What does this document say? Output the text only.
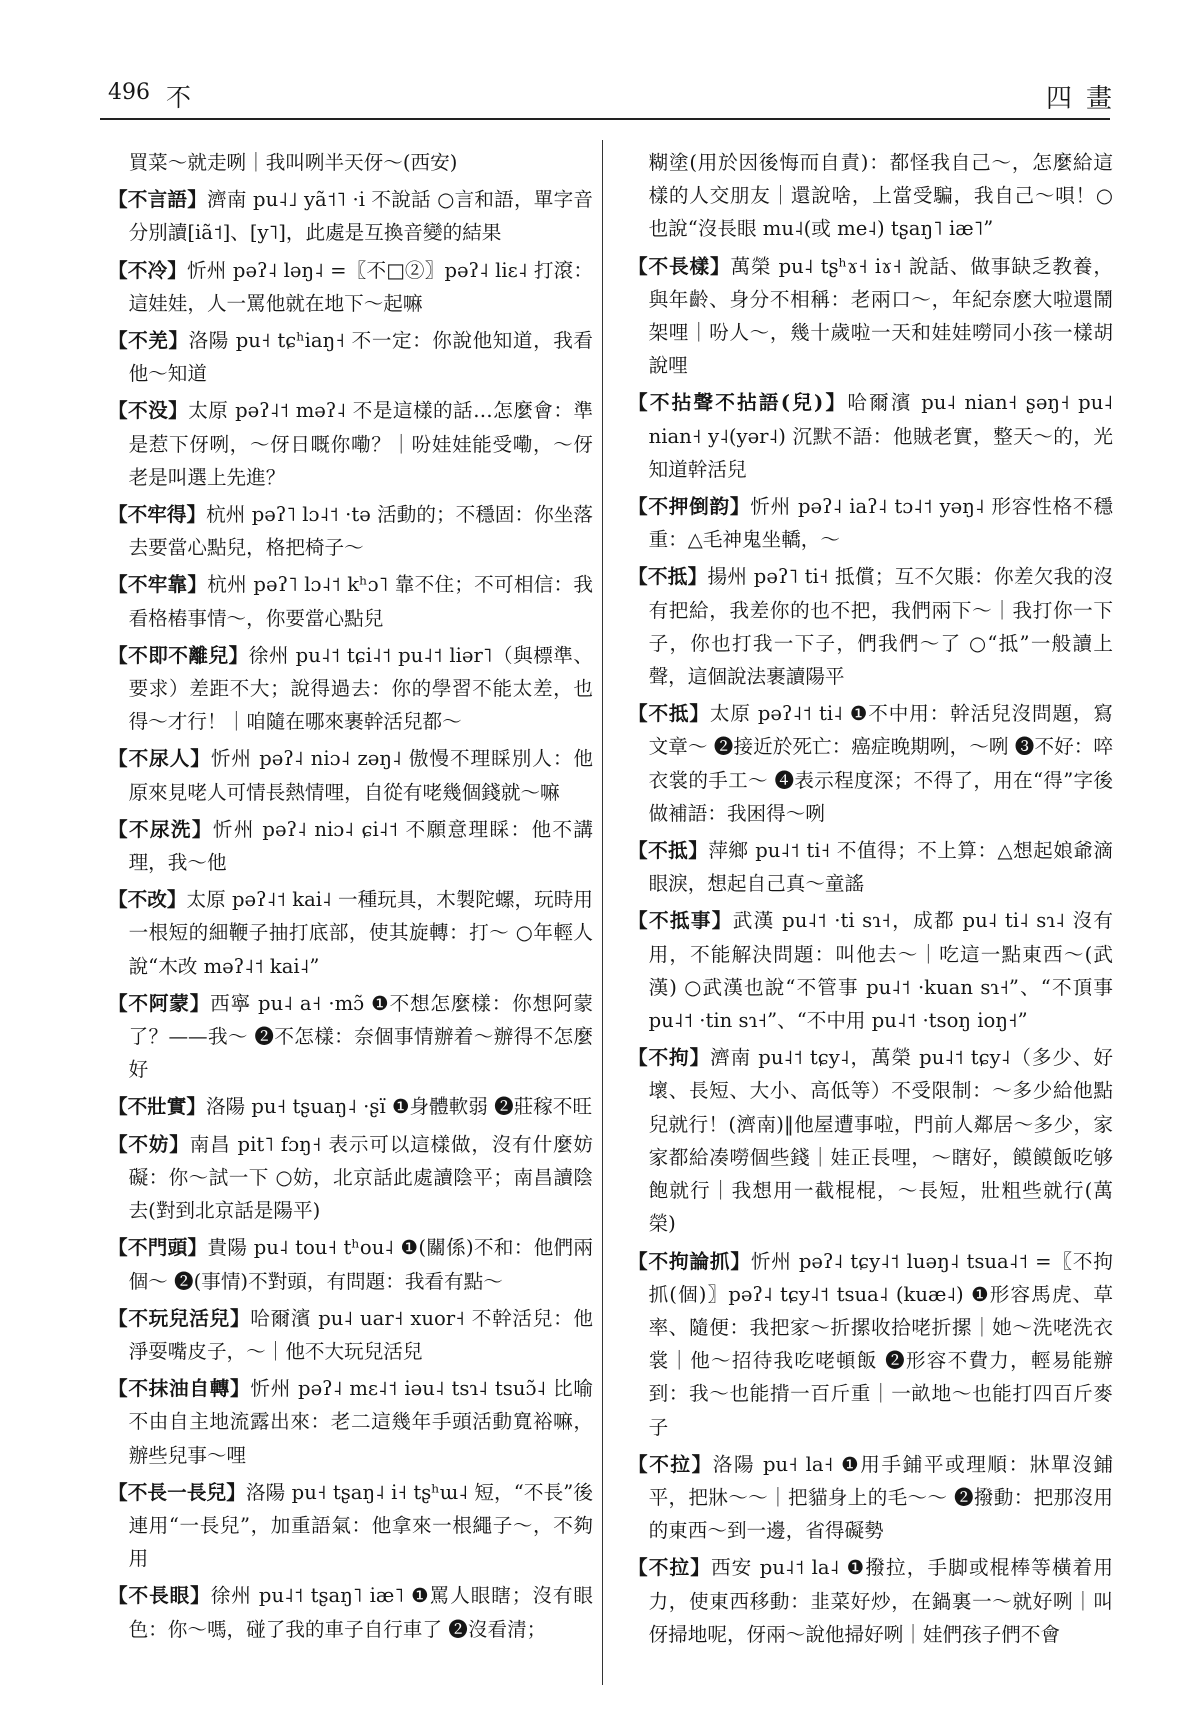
496 不	四畫

買菜～就走咧｜我叫咧半天伢～(西安)

【不言語】濟南 pu˨˩ yã˦˥ ·i 不說話 ○言和語，單字音分別讀[iã˦]、[y˥]，此處是互換音變的結果

【不冷】忻州 pəʔ˨ ləŋ˨ =〖不□②〗pəʔ˨ liɛ˨ 打滾：這娃娃，人一罵他就在地下～起嘛

【不羌】洛陽 pu˧ tɕʰiaŋ˧ 不一定：你說他知道，我看他～知道

【不没】太原 pəʔ˨˦ məʔ˨ 不是這樣的話…怎麼會：準是惹下伢咧，～伢日嘅你嘞？｜吩娃娃能受嘞，～伢老是叫選上先進？

【不牢得】杭州 pəʔ˥ lɔ˨˦ ·tə 活動的；不穩固：你坐落去要當心點兒，格把椅子～

【不牢靠】杭州 pəʔ˥ lɔ˨˦ kʰɔ˥ 靠不住；不可相信：我看格樁事情～，你要當心點兒

【不即不離兒】徐州 pu˨˦ tɕi˨˦ pu˨˦ liər˥（與標準、要求）差距不大；說得過去：你的學習不能太差，也得～才行！｜咱隨在哪來裹幹活兒都～

【不尿人】忻州 pəʔ˨ niɔ˨ zəŋ˨ 傲慢不理睬別人：他原來見咾人可情長熱情哩，自從有咾幾個錢就～嘛

【不尿洗】忻州 pəʔ˨ niɔ˨ ɕi˨˦ 不願意理睬：他不講理，我～他

【不改】太原 pəʔ˨˦ kai˨ 一種玩具，木製陀螺，玩時用一根短的細鞭子抽打底部，使其旋轉：打～ ○年輕人說“木改 məʔ˨˦ kai˨”

【不阿蒙】西寧 pu˨ a˧ ·mɔ̃ ❶不想怎麼樣：你想阿蒙了？——我～ ❷不怎樣：奈個事情辦着～辦得不怎麼好

【不壯實】洛陽 pu˧ tʂuaŋ˨ ·ʂï ❶身體軟弱 ❷莊稼不旺

【不妨】南昌 pit˥ fɔŋ˧ 表示可以這樣做，沒有什麼妨礙：你～試一下 ○妨，北京話此處讀陰平；南昌讀陰去(對到北京話是陽平)

【不門頭】貴陽 pu˨ tou˧ tʰou˨ ❶(關係)不和：他們兩個～ ❷(事情)不對頭，有問題：我看有點～

【不玩兒活兒】哈爾濱 pu˨ uar˧ xuor˧ 不幹活兒：他淨耍嘴皮子，～｜他不大玩兒活兒

【不抹油自轉】忻州 pəʔ˨ mɛ˨˦ iəu˨ tsɿ˨ tsuɔ̃˨ 比喻不由自主地流露出來：老二這幾年手頭活動寬裕嘛，辦些兒事～哩

【不長一長兒】洛陽 pu˧ tʂaŋ˨ i˧ tʂʰɯ˨ 短，“不長”後連用“一長兒”，加重語氣：他拿來一根繩子～，不夠用

【不長眼】徐州 pu˨˦ tʂaŋ˥ iæ˥ ❶罵人眼瞎；沒有眼色：你～嗎，碰了我的車子自行車了 ❷沒看清；

糊塗(用於因後悔而自責)：都怪我自己～，怎麼給這樣的人交朋友｜還說啥，上當受騙，我自己～唄！○也說“沒長眼 mu˨(或 me˨) tʂaŋ˥ iæ˥”

【不長樣】萬榮 pu˨ tʂʰɤ˧ iɤ˧ 說話、做事缺乏教養，與年齡、身分不相稱：老兩口～，年紀奈麽大啦還鬧架哩｜吩人～，幾十歲啦一天和娃娃嘮同小孩一樣胡說哩

【不拈聲不拈語(兒)】哈爾濱 pu˨ nian˧ ʂəŋ˧ pu˨ nian˧ y˨(yər˨) 沉默不語：他賊老實，整天～的，光知道幹活兒

【不押倒韵】忻州 pəʔ˨ iaʔ˨ tɔ˨˦ yəŋ˨ 形容性格不穩重：△毛神鬼坐轎，～

【不抵】揚州 pəʔ˥ ti˧ 抵償；互不欠賬：你差欠我的沒有把給，我差你的也不把，我們兩下～｜我打你一下子，你也打我一下子，們我們～了 ○“抵”一般讀上聲，這個說法裹讀陽平

【不抵】太原 pəʔ˨˦ ti˨ ❶不中用：幹活兒沒問題，寫文章～ ❷接近於死亡：癌症晚期咧，～咧 ❸不好：啐衣裳的手工～ ❹表示程度深；不得了，用在“得”字後做補語：我困得～咧

【不抵】萍鄉 pu˨˦ ti˧ 不值得；不上算：△想起娘爺滴眼淚，想起自己真～童謠

【不抵事】武漢 pu˨˦ ·ti sɿ˧，成都 pu˨ ti˨ sɿ˨ 沒有用，不能解決問題：叫他去～｜吃這一點東西～(武漢) ○武漢也說“不管事 pu˨˦ ·kuan sɿ˧”、“不頂事 pu˨˦ ·tin sɿ˧”、“不中用 pu˨˦ ·tsoŋ ioŋ˧”

【不拘】濟南 pu˨˦ tɕy˨，萬榮 pu˨˦ tɕy˨（多少、好壞、長短、大小、高低等）不受限制：～多少給他點兒就行！(濟南)‖他屋遭事啦，門前人鄰居～多少，家家都給凑嘮個些錢｜娃正長哩，～瞎好，饃饃飯吃够飽就行｜我想用一截棍棍，～長短，壯粗些就行(萬榮)

【不拘論抓】忻州 pəʔ˨ tɕy˨˦ luəŋ˨ tsua˨˦ =〖不拘抓(個)〗pəʔ˨ tɕy˨˦ tsua˨ (kuæ˨) ❶形容馬虎、草率、隨便：我把家～折摞收拾咾折摞｜她～洗咾洗衣裳｜他～招待我吃咾頓飯 ❷形容不費力，輕易能辦到：我～也能揹一百斤重｜一畝地～也能打四百斤麥子

【不拉】洛陽 pu˧ la˧ ❶用手鋪平或理順：牀單沒鋪平，把牀～～｜把貓身上的毛～～ ❷撥動：把那沒用的東西～到一邊，省得礙勢

【不拉】西安 pu˨˦ la˨ ❶撥拉，手脚或棍棒等橫着用力，使東西移動：韭菜好炒，在鍋裏一～就好咧｜叫伢掃地呢，伢兩～說他掃好咧｜娃們孩子們不會
